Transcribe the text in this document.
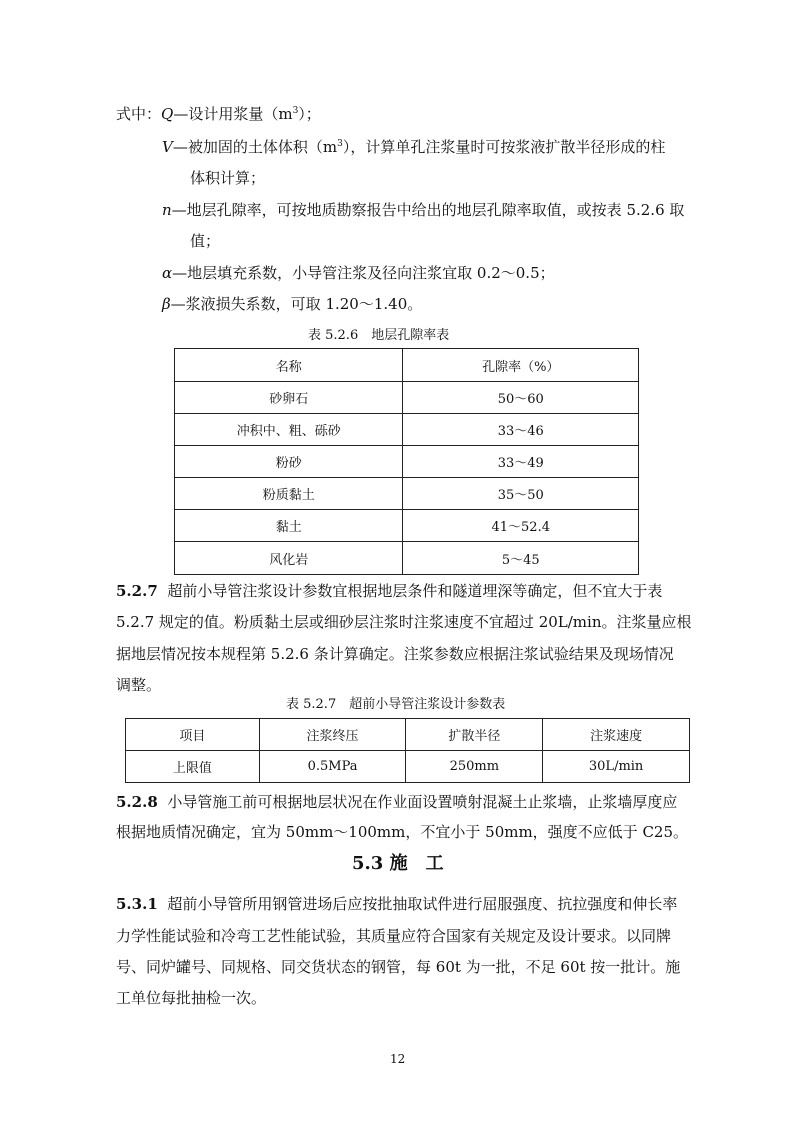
式中：Q—设计用浆量$(m^3)$；
V—被加固的土体体积$(m^3)$，计算单孔注浆量时可按浆液扩散半径形成的柱
体积计算；
n—地层孔隙率，可按地质勘察报告中给出的地层孔隙率取值，或按表 5.2.6 取
值；
α—地层填充系数，小导管注浆及径向注浆宜取 0.2～0.5；
β—浆液损失系数，可取 1.20～1.40。
表 5.2.6　地层孔隙率表
名称	孔隙率（%）
砂卵石	50～60
冲积中、粗、砾砂	33～46
粉砂	33～49
粉质黏土	35～50
黏土	41～52.4
风化岩	5～45
5.2.7 超前小导管注浆设计参数宜根据地层条件和隧道埋深等确定，但不宜大于表
5.2.7 规定的值。粉质黏土层或细砂层注浆时注浆速度不宜超过 20L/min。注浆量应根
据地层情况按本规程第 5.2.6 条计算确定。注浆参数应根据注浆试验结果及现场情况
调整。
表 5.2.7　超前小导管注浆设计参数表
项目	注浆终压	扩散半径	注浆速度
上限值	0.5MPa	250mm	30L/min
5.2.8 小导管施工前可根据地层状况在作业面设置喷射混凝土止浆墙，止浆墙厚度应
根据地质情况确定，宜为 50mm～100mm，不宜小于 50mm，强度不应低于 C25。
5.3 施　工
5.3.1 超前小导管所用钢管进场后应按批抽取试件进行屈服强度、抗拉强度和伸长率
力学性能试验和冷弯工艺性能试验，其质量应符合国家有关规定及设计要求。以同牌
号、同炉罐号、同规格、同交货状态的钢管，每 60t 为一批，不足 60t 按一批计。施
工单位每批抽检一次。
12
